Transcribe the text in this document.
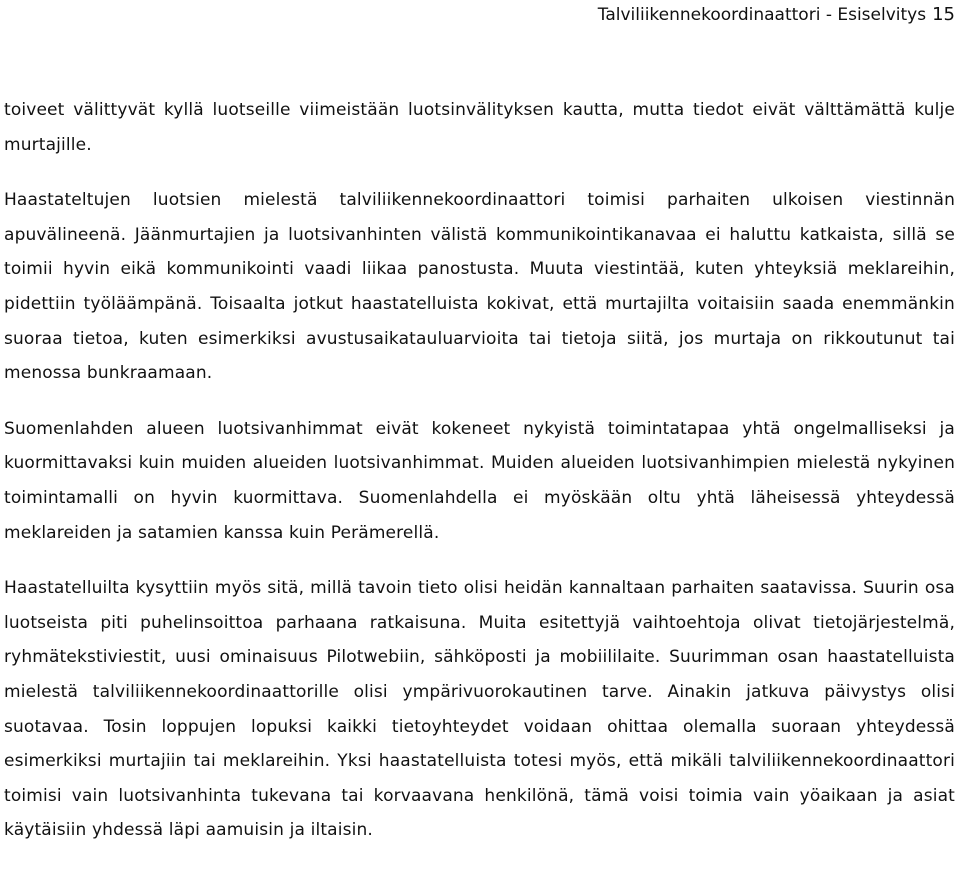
Talviliikennekoordinaattori - Esiselvitys 15

toiveet välittyvät kyllä luotseille viimeistään luotsinvälityksen kautta, mutta tiedot eivät välttämättä kulje murtajille.

Haastateltujen luotsien mielestä talviliikennekoordinaattori toimisi parhaiten ulkoisen viestinnän apuvälineenä. Jäänmurtajien ja luotsivanhinten välistä kommunikointikanavaa ei haluttu katkaista, sillä se toimii hyvin eikä kommunikointi vaadi liikaa panostusta. Muuta viestintää, kuten yhteyksiä meklareihin, pidettiin työläämpänä. Toisaalta jotkut haastatelluista kokivat, että murtajilta voitaisiin saada enemmänkin suoraa tietoa, kuten esimerkiksi avustusaikatauluarvioita tai tietoja siitä, jos murtaja on rikkoutunut tai menossa bunkraamaan.

Suomenlahden alueen luotsivanhimmat eivät kokeneet nykyistä toimintatapaa yhtä ongelmalliseksi ja kuormittavaksi kuin muiden alueiden luotsivanhimmat. Muiden alueiden luotsivanhimpien mielestä nykyinen toimintamalli on hyvin kuormittava. Suomenlahdella ei myöskään oltu yhtä läheisessä yhteydessä meklareiden ja satamien kanssa kuin Perämerellä.

Haastatelluilta kysyttiin myös sitä, millä tavoin tieto olisi heidän kannaltaan parhaiten saatavissa. Suurin osa luotseista piti puhelinsoittoa parhaana ratkaisuna. Muita esitettyjä vaihtoehtoja olivat tietojärjestelmä, ryhmätekstiviestit, uusi ominaisuus Pilotwebiin, sähköposti ja mobiililaite. Suurimman osan haastatelluista mielestä talviliikennekoordinaattorille olisi ympärivuorokautinen tarve. Ainakin jatkuva päivystys olisi suotavaa. Tosin loppujen lopuksi kaikki tietoyhteydet voidaan ohittaa olemalla suoraan yhteydessä esimerkiksi murtajiin tai meklareihin. Yksi haastatelluista totesi myös, että mikäli talviliikennekoordinaattori toimisi vain luotsivanhinta tukevana tai korvaavana henkilönä, tämä voisi toimia vain yöaikaan ja asiat käytäisiin yhdessä läpi aamuisin ja iltaisin.
